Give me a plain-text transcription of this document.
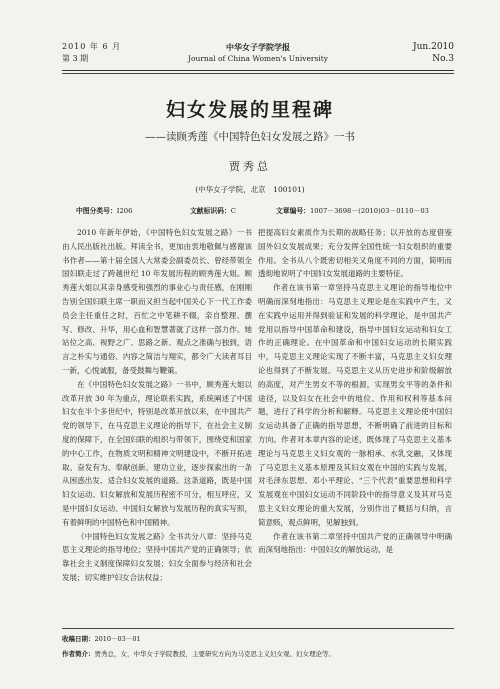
2010 年 6 月
第 3 期
中华女子学院学报
Journal of China Women's University
Jun.2010
No.3
妇女发展的里程碑
——读顾秀莲《中国特色妇女发展之路》一书
贾秀总
(中华女子学院，北京　100101)
中图分类号：I206	文献标识码：C	文章编号：1007－3698－(2010)03－0110－03

2010 年新年伊始，《中国特色妇女发展之路》一书由人民出版社出版。拜读全书，更加由衷地敬佩与感谢该书作者——第十届全国人大常委会副委员长、曾经带领全国妇联走过了跨越世纪 10 年发展历程的顾秀莲大姐。顾秀莲大姐以其亲身感受和强烈的事业心与责任感，在刚刚告别全国妇联主席一职而又担当起中国关心下一代工作委员会主任重任之时，百忙之中笔耕不辍，亲自整理、撰写、修改、升华，用心血和智慧著就了这样一部力作。她站位之高、视野之广、思路之新、观点之准确与独到，语言之朴实与通俗、内容之简洁与翔实，都令广大读者耳目一新，心悦诚服，备受鼓舞与鞭策。

在《中国特色妇女发展之路》一书中，顾秀莲大姐以改革开放 30 年为重点，理论联系实践，系统阐述了中国妇女在半个多世纪中，特别是改革开放以来，在中国共产党的领导下，在马克思主义理论的指导下，在社会主义制度的保障下，在全国妇联的组织与带领下，围绕党和国家的中心工作，在物质文明和精神文明建设中，不断开拓进取、奋发有为、奉献创新、建功立业，逐步探索出的一条从困惑出发、适合妇女发展的道路。这条道路，既是中国妇女运动、妇女解放和发展历程密不可分，相互呼应，又是中国妇女运动、中国妇女解放与发展历程的真实写照，有着鲜明的中国特色和中国精神。

《中国特色妇女发展之路》全书共分八章：坚持马克思主义理论的指导地位；坚持中国共产党的正确领导；依靠社会主义制度保障妇女发展；妇女全面参与经济和社会发展；切实维护妇女合法权益；

把提高妇女素质作为长期的战略任务；以开放的态度借鉴国外妇女发展成果；充分发挥全国性统一妇女组织的重要作用。全书从八个既密切相关又角度不同的方面，简明而透彻地说明了中国妇女发展道路的主要特征。

作者在该书第一章坚持马克思主义理论的指导地位中明确而深刻地指出：马克思主义理论是在实践中产生，又在实践中运用并得到验证和发展的科学理论，是中国共产党用以指导中国革命和建设，指导中国妇女运动和妇女工作的正确理论。在中国革命和中国妇女运动的长期实践中，马克思主义理论实现了不断丰富，马克思主义妇女理论也得到了不断发展。马克思主义从历史进步和阶级解放的高度，对产生男女不等的根源，实现男女平等的条件和途径，以及妇女在社会中的地位、作用和权利等基本问题，进行了科学的分析和解释。马克思主义理论使中国妇女运动具备了正确的指导思想，不断明确了前进的目标和方向。作者对本章内容的论述，既体现了马克思主义基本理论与马克思主义妇女观的一脉相承、水乳交融，又体现了马克思主义基本原理及其妇女观在中国的实践与发展，对毛泽东思想、邓小平理论、“三个代表”重要思想和科学发展观在中国妇女运动不同阶段中的指导意义及其对马克思主义妇女理论的重大发展，分别作出了概括与归纳，言简意赅，观点鲜明，见解独到。

作者在该书第二章坚持中国共产党的正确领导中明确而深刻地指出：中国妇女的解放运动，是

收稿日期：2010－03－01
作者简介：贾秀总，女，中华女子学院教授，主要研究方向为马克思主义妇女观、妇女理论等。
